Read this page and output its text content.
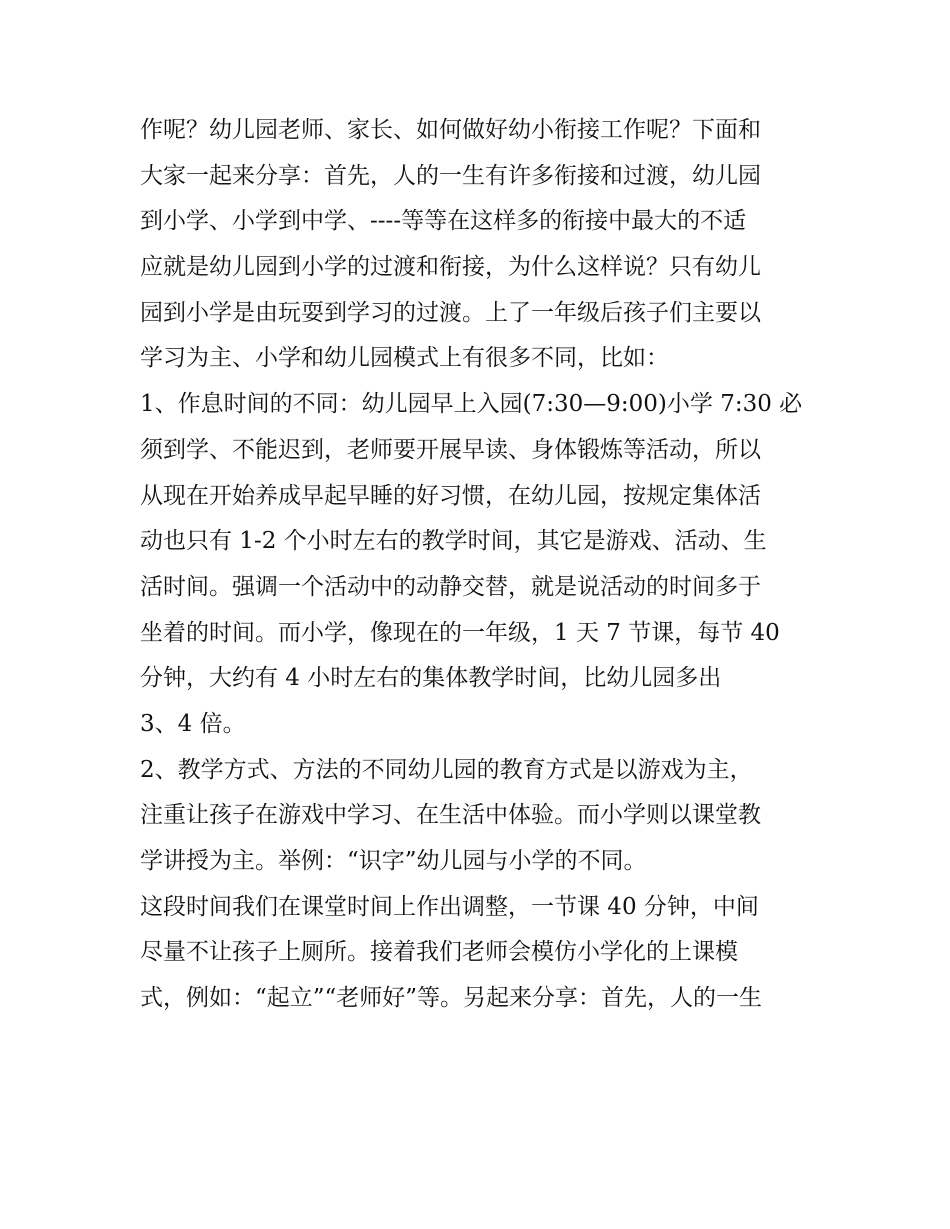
作呢？幼儿园老师、家长、如何做好幼小衔接工作呢？下面和
大家一起来分享：首先，人的一生有许多衔接和过渡，幼儿园
到小学、小学到中学、----等等在这样多的衔接中最大的不适
应就是幼儿园到小学的过渡和衔接，为什么这样说？只有幼儿
园到小学是由玩耍到学习的过渡。上了一年级后孩子们主要以
学习为主、小学和幼儿园模式上有很多不同，比如：
1、作息时间的不同：幼儿园早上入园(7:30—9:00)小学 7:30 必
须到学、不能迟到，老师要开展早读、身体锻炼等活动，所以
从现在开始养成早起早睡的好习惯，在幼儿园，按规定集体活
动也只有 1-2 个小时左右的教学时间，其它是游戏、活动、生
活时间。强调一个活动中的动静交替，就是说活动的时间多于
坐着的时间。而小学，像现在的一年级，1 天 7 节课，每节 40
分钟，大约有 4 小时左右的集体教学时间，比幼儿园多出
3、4 倍。
2、教学方式、方法的不同幼儿园的教育方式是以游戏为主，
注重让孩子在游戏中学习、在生活中体验。而小学则以课堂教
学讲授为主。举例：“识字”幼儿园与小学的不同。
这段时间我们在课堂时间上作出调整，一节课 40 分钟，中间
尽量不让孩子上厕所。接着我们老师会模仿小学化的上课模
式，例如：“起立”“老师好”等。另起来分享：首先，人的一生
